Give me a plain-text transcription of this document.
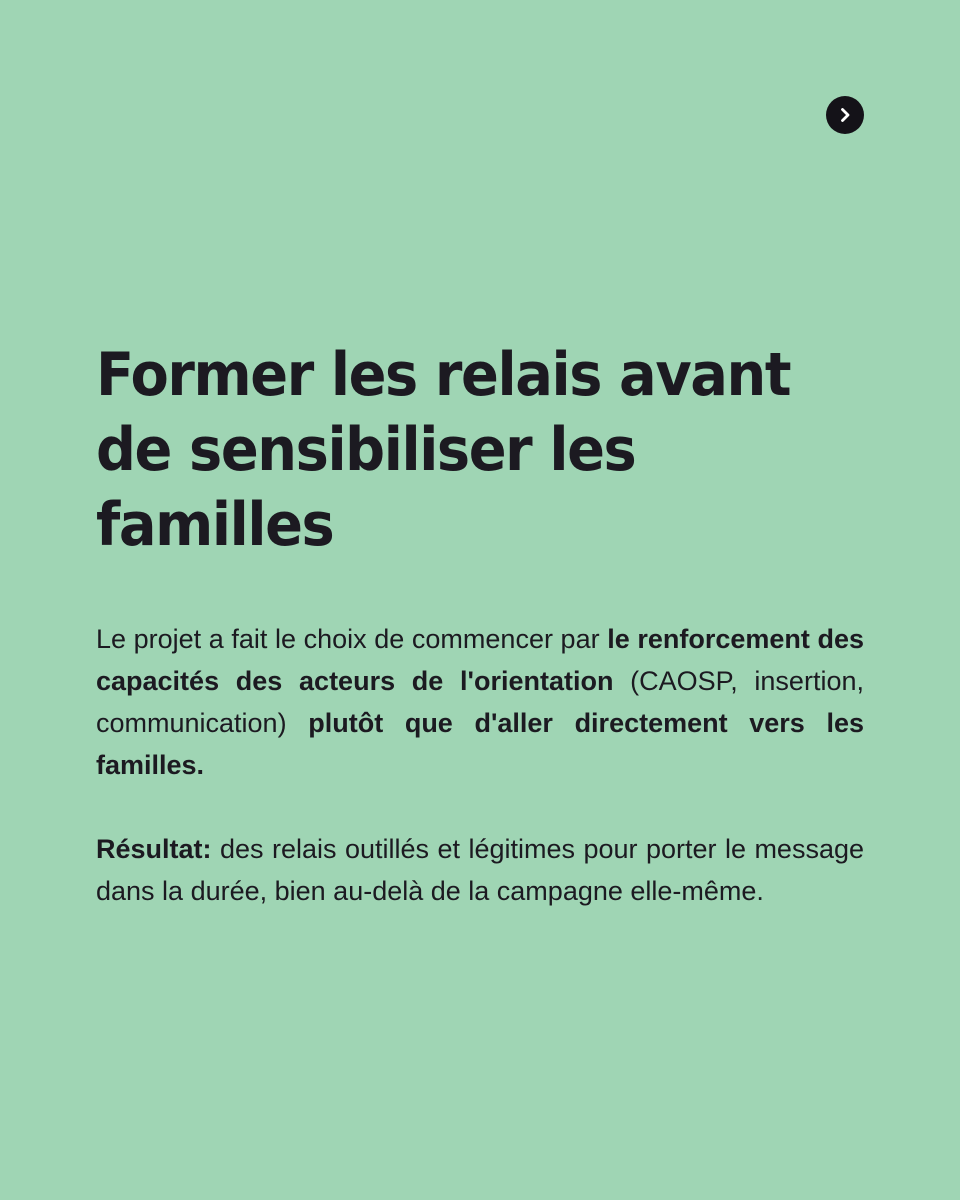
Former les relais avant de sensibiliser les familles

Le projet a fait le choix de commencer par le renforcement des capacités des acteurs de l'orientation (CAOSP, insertion, communication) plutôt que d'aller directement vers les familles.

Résultat: des relais outillés et légitimes pour porter le message dans la durée, bien au-delà de la campagne elle-même.
